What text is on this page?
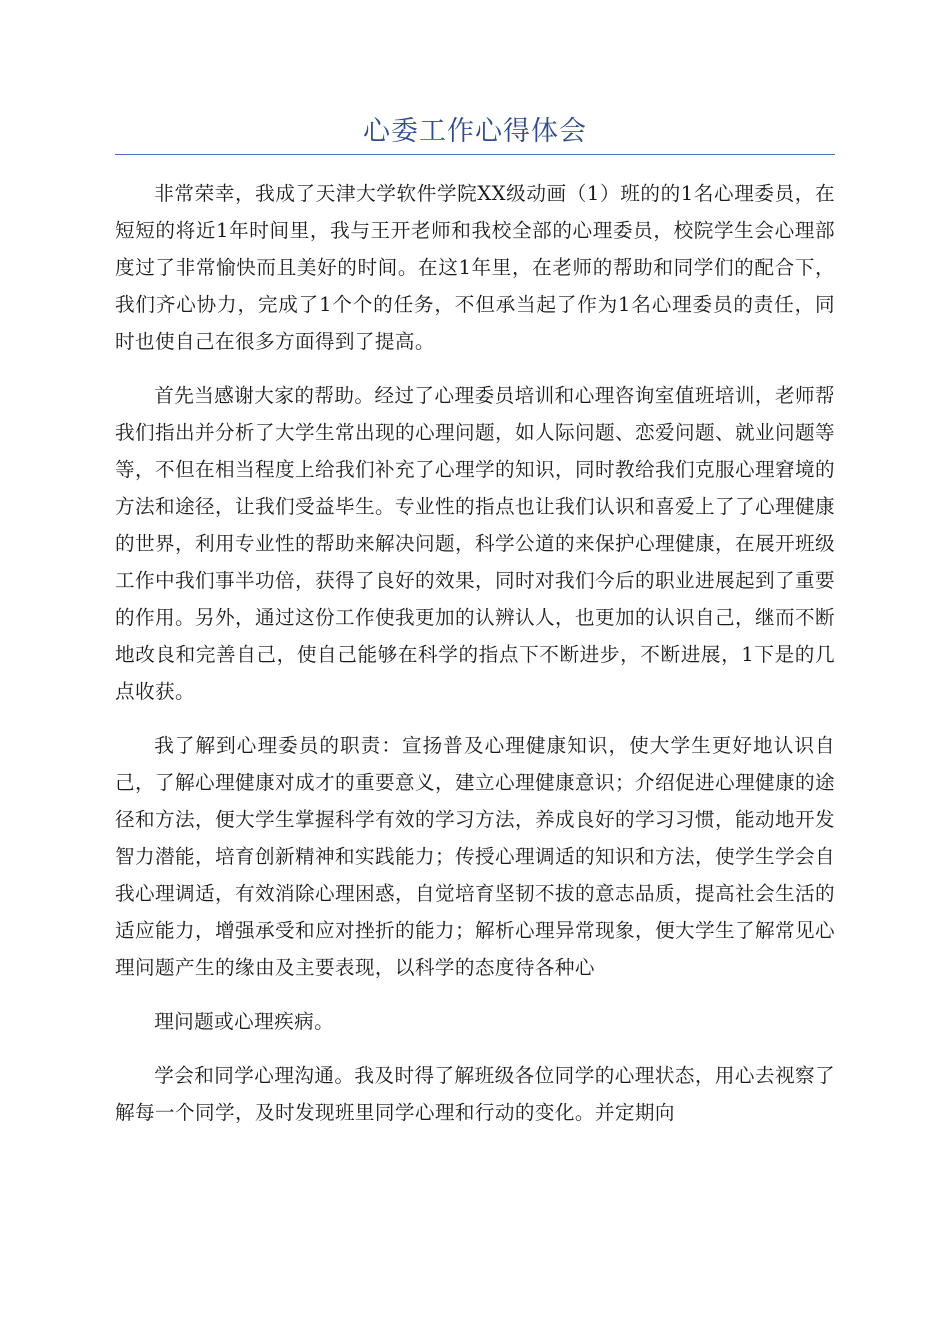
心委工作心得体会

非常荣幸，我成了天津大学软件学院XX级动画（1）班的的1名心理委员，在短短的将近1年时间里，我与王开老师和我校全部的心理委员，校院学生会心理部度过了非常愉快而且美好的时间。在这1年里，在老师的帮助和同学们的配合下，我们齐心协力，完成了1个个的任务，不但承当起了作为1名心理委员的责任，同时也使自己在很多方面得到了提高。

首先当感谢大家的帮助。经过了心理委员培训和心理咨询室值班培训，老师帮我们指出并分析了大学生常出现的心理问题，如人际问题、恋爱问题、就业问题等等，不但在相当程度上给我们补充了心理学的知识，同时教给我们克服心理窘境的方法和途径，让我们受益毕生。专业性的指点也让我们认识和喜爱上了了心理健康的世界，利用专业性的帮助来解决问题，科学公道的来保护心理健康，在展开班级工作中我们事半功倍，获得了良好的效果，同时对我们今后的职业进展起到了重要的作用。另外，通过这份工作使我更加的认辨认人，也更加的认识自己，继而不断地改良和完善自己，使自己能够在科学的指点下不断进步，不断进展，1下是的几点收获。

我了解到心理委员的职责：宣扬普及心理健康知识，使大学生更好地认识自己，了解心理健康对成才的重要意义，建立心理健康意识；介绍促进心理健康的途径和方法，便大学生掌握科学有效的学习方法，养成良好的学习习惯，能动地开发智力潜能，培育创新精神和实践能力；传授心理调适的知识和方法，使学生学会自我心理调适，有效消除心理困惑，自觉培育坚韧不拔的意志品质，提高社会生活的适应能力，增强承受和应对挫折的能力；解析心理异常现象，便大学生了解常见心理问题产生的缘由及主要表现，以科学的态度待各种心

理问题或心理疾病。

学会和同学心理沟通。我及时得了解班级各位同学的心理状态，用心去视察了解每一个同学，及时发现班里同学心理和行动的变化。并定期向
